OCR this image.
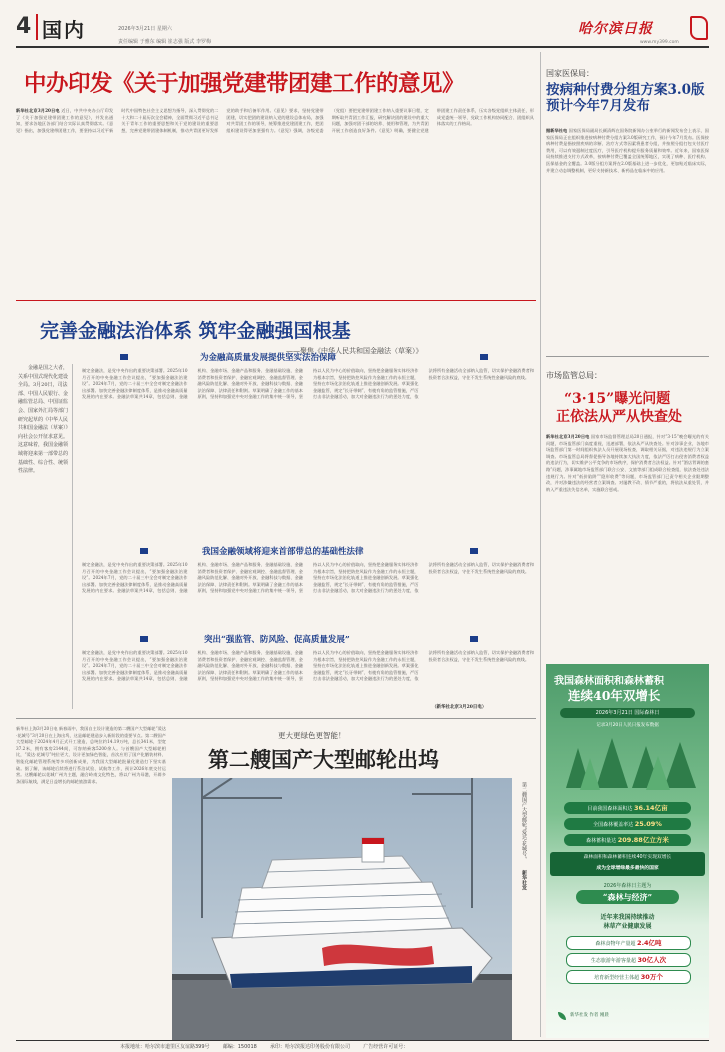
4 国内	2026年3月21日 星期六
责任编辑 于雅东 编辑 崔志强 版式 李罗梅
哈尔滨日报
www.my399.com
中办印发《关于加强党建带团建工作的意见》
新华社北京3月20日电 近日，中共中央办公厅印发了《关于加强党建带团建工作的意见》，并发出通知，要求各地区各部门结合实际认真贯彻落实。《意见》指出，加强党建带团建工作，要坚持以习近平新时代中国特色社会主义思想为指导，深入贯彻党的二十大和二十届历次全会精神，全面贯彻习近平总书记关于青年工作的重要思想和关于党的建设的重要思想，完善党建带团建体制机制，推动共青团更好发挥党的助手和后备军作用。《意见》要求，坚持党建带团建，切实把团的建设纳入党的建设总体布局，加强对共青团工作的领导，统筹推进党建团建工作，把团组织建设得更加坚强有力。《意见》强调，各级党委（党组）要把党建带团建工作纳入重要议事日程，定期听取共青团工作汇报，研究解决团的建设中的重大问题，加强对团干部的培养、使用和管理，为共青团开展工作创造良好条件。《意见》明确，要健全党建带团建工作责任体系，压实各级党组织主体责任，形成党委统一领导、党政工作机构协同配合、团组织具体落实的工作格局。
完善金融法治体系 筑牢金融强国根基
——聚焦《中华人民共和国金融法（草案）》
金融是国之大者，关系中国式现代化建设全局。3月20日，司法部、中国人民银行、金融监管总局、中国证监会、国家外汇局等部门研究起草的《中华人民共和国金融法（草案）》向社会公开征求意见。这意味着，我国金融领域将迎来第一部带总的基础性、综合性、统领性法律。
为金融高质量发展提供坚实法治保障
制定金融法，是党中央作出的重要决策部署。2025年10月召开的中央金融工作会议提出，“要加强金融法治建设”。2024年7月，党的二十届三中全会对制定金融法作出部署。加快完善金融法律制度体系，是推动金融高质量发展的内在要求。金融法草案共14章，包括总则、金融机构、金融市场、金融产品和服务、金融基础设施、金融消费者和投资者保护、金融宏观调控、金融监督管理、金融风险防范化解、金融对外开放、金融科技与数据、金融法治保障、法律责任和附则。草案明确了金融工作的基本原则，坚持和加强党中央对金融工作的集中统一领导，坚持以人民为中心的价值取向，坚持把金融服务实体经济作为根本宗旨，坚持把防控风险作为金融工作的永恒主题，坚持在市场化法治化轨道上推进金融创新发展。草案强化金融监管，规定“长牙带刺”、有棱有角的监管措施，严厉打击非法金融活动，加大对金融违法行为的惩处力度，依法将所有金融活动全部纳入监管，切实保护金融消费者和投资者合法权益，守住不发生系统性金融风险的底线。
我国金融领域将迎来首部带总的基础性法律
制定金融法，是党中央作出的重要决策部署。2025年10月召开的中央金融工作会议提出，“要加强金融法治建设”。2024年7月，党的二十届三中全会对制定金融法作出部署。加快完善金融法律制度体系，是推动金融高质量发展的内在要求。金融法草案共14章，包括总则、金融机构、金融市场、金融产品和服务、金融基础设施、金融消费者和投资者保护、金融宏观调控、金融监督管理、金融风险防范化解、金融对外开放、金融科技与数据、金融法治保障、法律责任和附则。草案明确了金融工作的基本原则，坚持和加强党中央对金融工作的集中统一领导，坚持以人民为中心的价值取向，坚持把金融服务实体经济作为根本宗旨，坚持把防控风险作为金融工作的永恒主题，坚持在市场化法治化轨道上推进金融创新发展。草案强化金融监管，规定“长牙带刺”、有棱有角的监管措施，严厉打击非法金融活动，加大对金融违法行为的惩处力度，依法将所有金融活动全部纳入监管，切实保护金融消费者和投资者合法权益，守住不发生系统性金融风险的底线。
突出“强监管、防风险、促高质量发展”
制定金融法，是党中央作出的重要决策部署。2025年10月召开的中央金融工作会议提出，“要加强金融法治建设”。2024年7月，党的二十届三中全会对制定金融法作出部署。加快完善金融法律制度体系，是推动金融高质量发展的内在要求。金融法草案共14章，包括总则、金融机构、金融市场、金融产品和服务、金融基础设施、金融消费者和投资者保护、金融宏观调控、金融监督管理、金融风险防范化解、金融对外开放、金融科技与数据、金融法治保障、法律责任和附则。草案明确了金融工作的基本原则，坚持和加强党中央对金融工作的集中统一领导，坚持以人民为中心的价值取向，坚持把金融服务实体经济作为根本宗旨，坚持把防控风险作为金融工作的永恒主题，坚持在市场化法治化轨道上推进金融创新发展。草案强化金融监管，规定“长牙带刺”、有棱有角的监管措施，严厉打击非法金融活动，加大对金融违法行为的惩处力度，依法将所有金融活动全部纳入监管，切实保护金融消费者和投资者合法权益，守住不发生系统性金融风险的底线。
（新华社北京3月20日电）
新华社上海3月20日电 新春雨中，我国自主设计建造的第二艘国产大型邮轮“爱达·花城号”3月20日在上海出坞，这是邮轮建造步入新阶段的重要节点。第二艘国产大型邮轮于2024年4月正式开工建造，总吨位约14.19万吨，总长341米，型宽37.2米，拥有客房2144间，可容纳乘客5200余人。与首艘国产大型邮轮相比，“爱达·花城号”吨位更大、设计更加绿色智能，首次应用了国产化舾装材料、智能化邮轮管理系统等多项创新成果，为我国大型邮轮批量化建造打下坚实基础。据了解，该邮轮后续将进行系泊试验、试航等工作，预计2026年底交付运营。这艘邮轮以花城广州为主题，融合岭南文化特色，将以广州为母港，开辟多条国际航线，满足日益增长的邮轮旅游需求。
更大更绿色更智能！
第二艘国产大型邮轮出坞
第二艘国产大型邮轮“爱达·花城号”  新华社发
国家医保局：
按病种付费分组方案3.0版预计今年7月发布
据新华社电 国家医保局副局长颜清辉在国务院新闻办公室举行的新闻发布会上表示，国家医保局正在组织推进按病种付费分组方案3.0版研究工作，预计今年7月发布。医保按病种付费是指按照疾病的诊断、治疗方式等因素将患者分组，并按照分组打包支付医疗费用，可以有效遏制过度医疗，引导医疗机构提升服务质量和效率。近年来，国家医保局持续推进支付方式改革，按病种付费已覆盖全国统筹地区，实现了病种、医疗机构、医保基金的全覆盖。3.0版分组方案将在2.0版基础上进一步优化，更加贴近临床实际，并建立动态调整机制，更好支持新技术、新药品在临床中的应用。
市场监管总局：
“3·15”曝光问题
正依法从严从快查处
新华社北京3月20日电 国家市场监督管理总局20日通报，针对“3·15”晚会曝光的有关问题，市场监管部门高度重视，迅速部署，依法从严从快查处。针对涉事企业，各地市场监管部门第一时间组织执法人员开展现场检查，调取相关证据，对违法违规行为立案调查。市场监管总局将督促指导各地持续加大执法力度，依法严厉打击侵害消费者权益的违法行为，切实维护公平竞争的市场秩序，保护消费者合法权益。针对“酒店背调的套路”问题，涉事属地市场监管部门联合公安、文旅等部门组成联合检查组，依法查处违法违规行为。针对“低价陷阱”“隐形收费”等问题，市场监管部门已责令相关企业限期整改，并对涉嫌违法的经营者立案调查。对屡教不改、情节严重的，将依法从重处罚，并纳入严重违法失信名单，实施联合惩戒。
我国森林面积和森林蓄积
连续40年双增长
2026年3月21日 国际森林日
记录3月20日人民日报发布数据
目前我国森林面积达 36.14亿亩
全国森林覆盖率达 25.09%
森林蓄积量达 209.88亿立方米
森林面积和森林蓄积连续40年实现双增长
成为全球增绿最多最快的国家
2026年森林日主题为
“森林与经济”
近年来我国持续推动
林草产业健康发展
森林食物年产量超 2.4亿吨
生态旅游年游客量超 30亿人次
培育新型经营主体超 30万个
新华社发 作者 刚晨
本报地址：哈尔滨市道里区友谊路399号	邮编：150018	承印：哈尔滨报达印务股份有限公司	广告经营许可证号：
